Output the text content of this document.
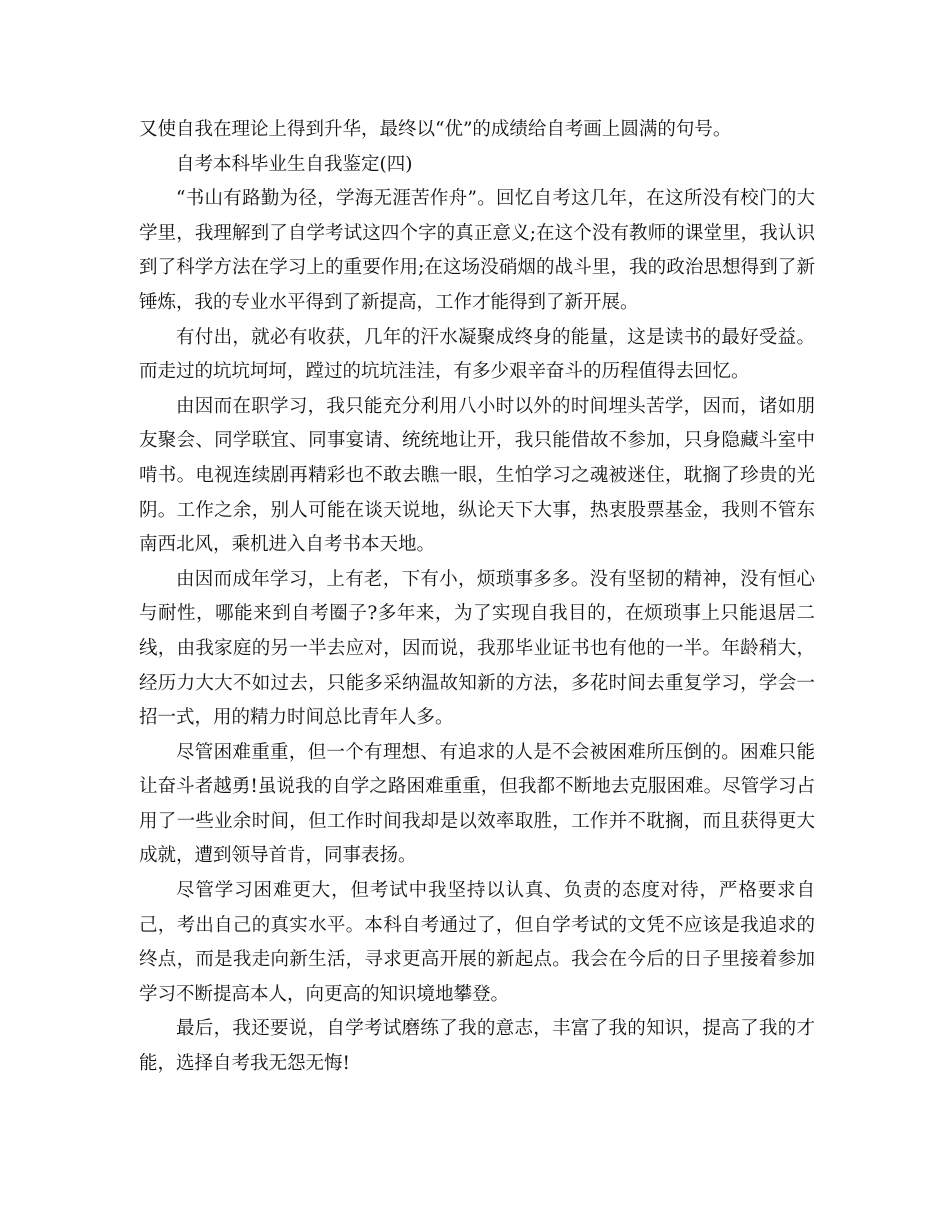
又使自我在理论上得到升华，最终以“优”的成绩给自考画上圆满的句号。

自考本科毕业生自我鉴定(四)

“书山有路勤为径，学海无涯苦作舟”。回忆自考这几年，在这所没有校门的大学里，我理解到了自学考试这四个字的真正意义;在这个没有教师的课堂里，我认识到了科学方法在学习上的重要作用;在这场没硝烟的战斗里，我的政治思想得到了新锤炼，我的专业水平得到了新提高，工作才能得到了新开展。

有付出，就必有收获，几年的汗水凝聚成终身的能量，这是读书的最好受益。而走过的坑坑坷坷，蹚过的坑坑洼洼，有多少艰辛奋斗的历程值得去回忆。

由因而在职学习，我只能充分利用八小时以外的时间埋头苦学，因而，诸如朋友聚会、同学联宜、同事宴请、统统地让开，我只能借故不参加，只身隐藏斗室中啃书。电视连续剧再精彩也不敢去瞧一眼，生怕学习之魂被迷住，耽搁了珍贵的光阴。工作之余，别人可能在谈天说地，纵论天下大事，热衷股票基金，我则不管东南西北风，乘机进入自考书本天地。

由因而成年学习，上有老，下有小，烦琐事多多。没有坚韧的精神，没有恒心与耐性，哪能来到自考圈子?多年来，为了实现自我目的，在烦琐事上只能退居二线，由我家庭的另一半去应对，因而说，我那毕业证书也有他的一半。年龄稍大，经历力大大不如过去，只能多采纳温故知新的方法，多花时间去重复学习，学会一招一式，用的精力时间总比青年人多。

尽管困难重重，但一个有理想、有追求的人是不会被困难所压倒的。困难只能让奋斗者越勇!虽说我的自学之路困难重重，但我都不断地去克服困难。尽管学习占用了一些业余时间，但工作时间我却是以效率取胜，工作并不耽搁，而且获得更大成就，遭到领导首肯，同事表扬。

尽管学习困难更大，但考试中我坚持以认真、负责的态度对待，严格要求自己，考出自己的真实水平。本科自考通过了，但自学考试的文凭不应该是我追求的终点，而是我走向新生活，寻求更高开展的新起点。我会在今后的日子里接着参加学习不断提高本人，向更高的知识境地攀登。

最后，我还要说，自学考试磨练了我的意志，丰富了我的知识，提高了我的才能，选择自考我无怨无悔!
